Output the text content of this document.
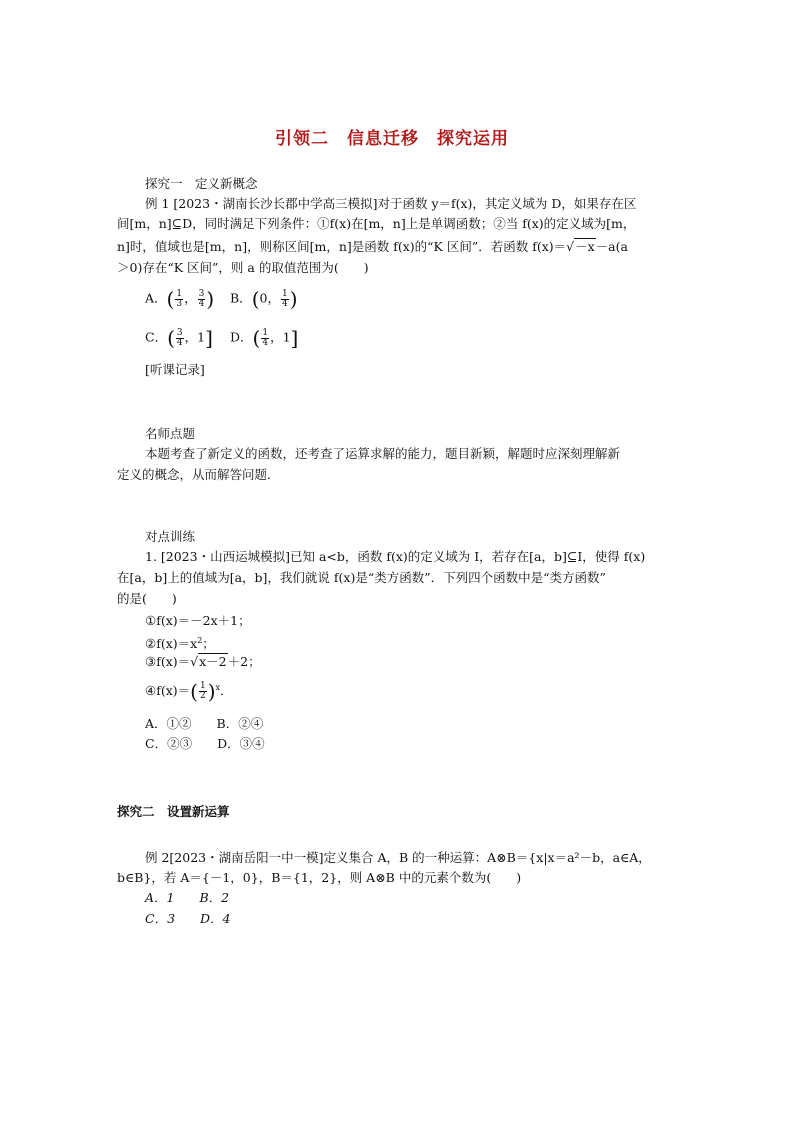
引领二　信息迁移　探究运用
探究一　定义新概念
例 1 [2023・湖南长沙长郡中学高三模拟]对于函数 y＝f(x)，其定义域为 D，如果存在区
间[m，n]⊆D，同时满足下列条件：①f(x)在[m，n]上是单调函数；②当 f(x)的定义域为[m，
n]时，值域也是[m，n]，则称区间[m，n]是函数 f(x)的“K 区间”．若函数 f(x)＝√－x－a(a
＞0)存在“K 区间”，则 a 的取值范围为(　　)
A．( $\frac{1}{3}$ ， $\frac{3}{4}$ ) B．(0， $\frac{1}{4}$ )
C．( $\frac{3}{4}$ ，1] D．( $\frac{1}{4}$ ，1]
[听课记录]
名师点题
本题考查了新定义的函数，还考查了运算求解的能力，题目新颖，解题时应深刻理解新
定义的概念，从而解答问题．
对点训练
1. [2023・山西运城模拟]已知 a<b，函数 f(x)的定义域为 I，若存在[a，b]⊆I，使得 f(x)
在[a，b]上的值域为[a，b]，我们就说 f(x)是“类方函数”．下列四个函数中是“类方函数”
的是(　　)
①f(x)＝－2x＋1；
$②f(x)=x^2$；
③f(x)＝√x－2＋2；
④f(x)＝( $\frac{1}{2} )^x$．
A．①②　　B．②④
C．②③　　D．③④
探究二　设置新运算
例 2[2023・湖南岳阳一中一模]定义集合 A，B 的一种运算：A⊗B＝{x|x＝a²－b，a∈A，
b∈B}，若 A＝{－1，0}，B＝{1，2}，则 A⊗B 中的元素个数为(　　)
A．1　　B．2
C．3　　D．4
